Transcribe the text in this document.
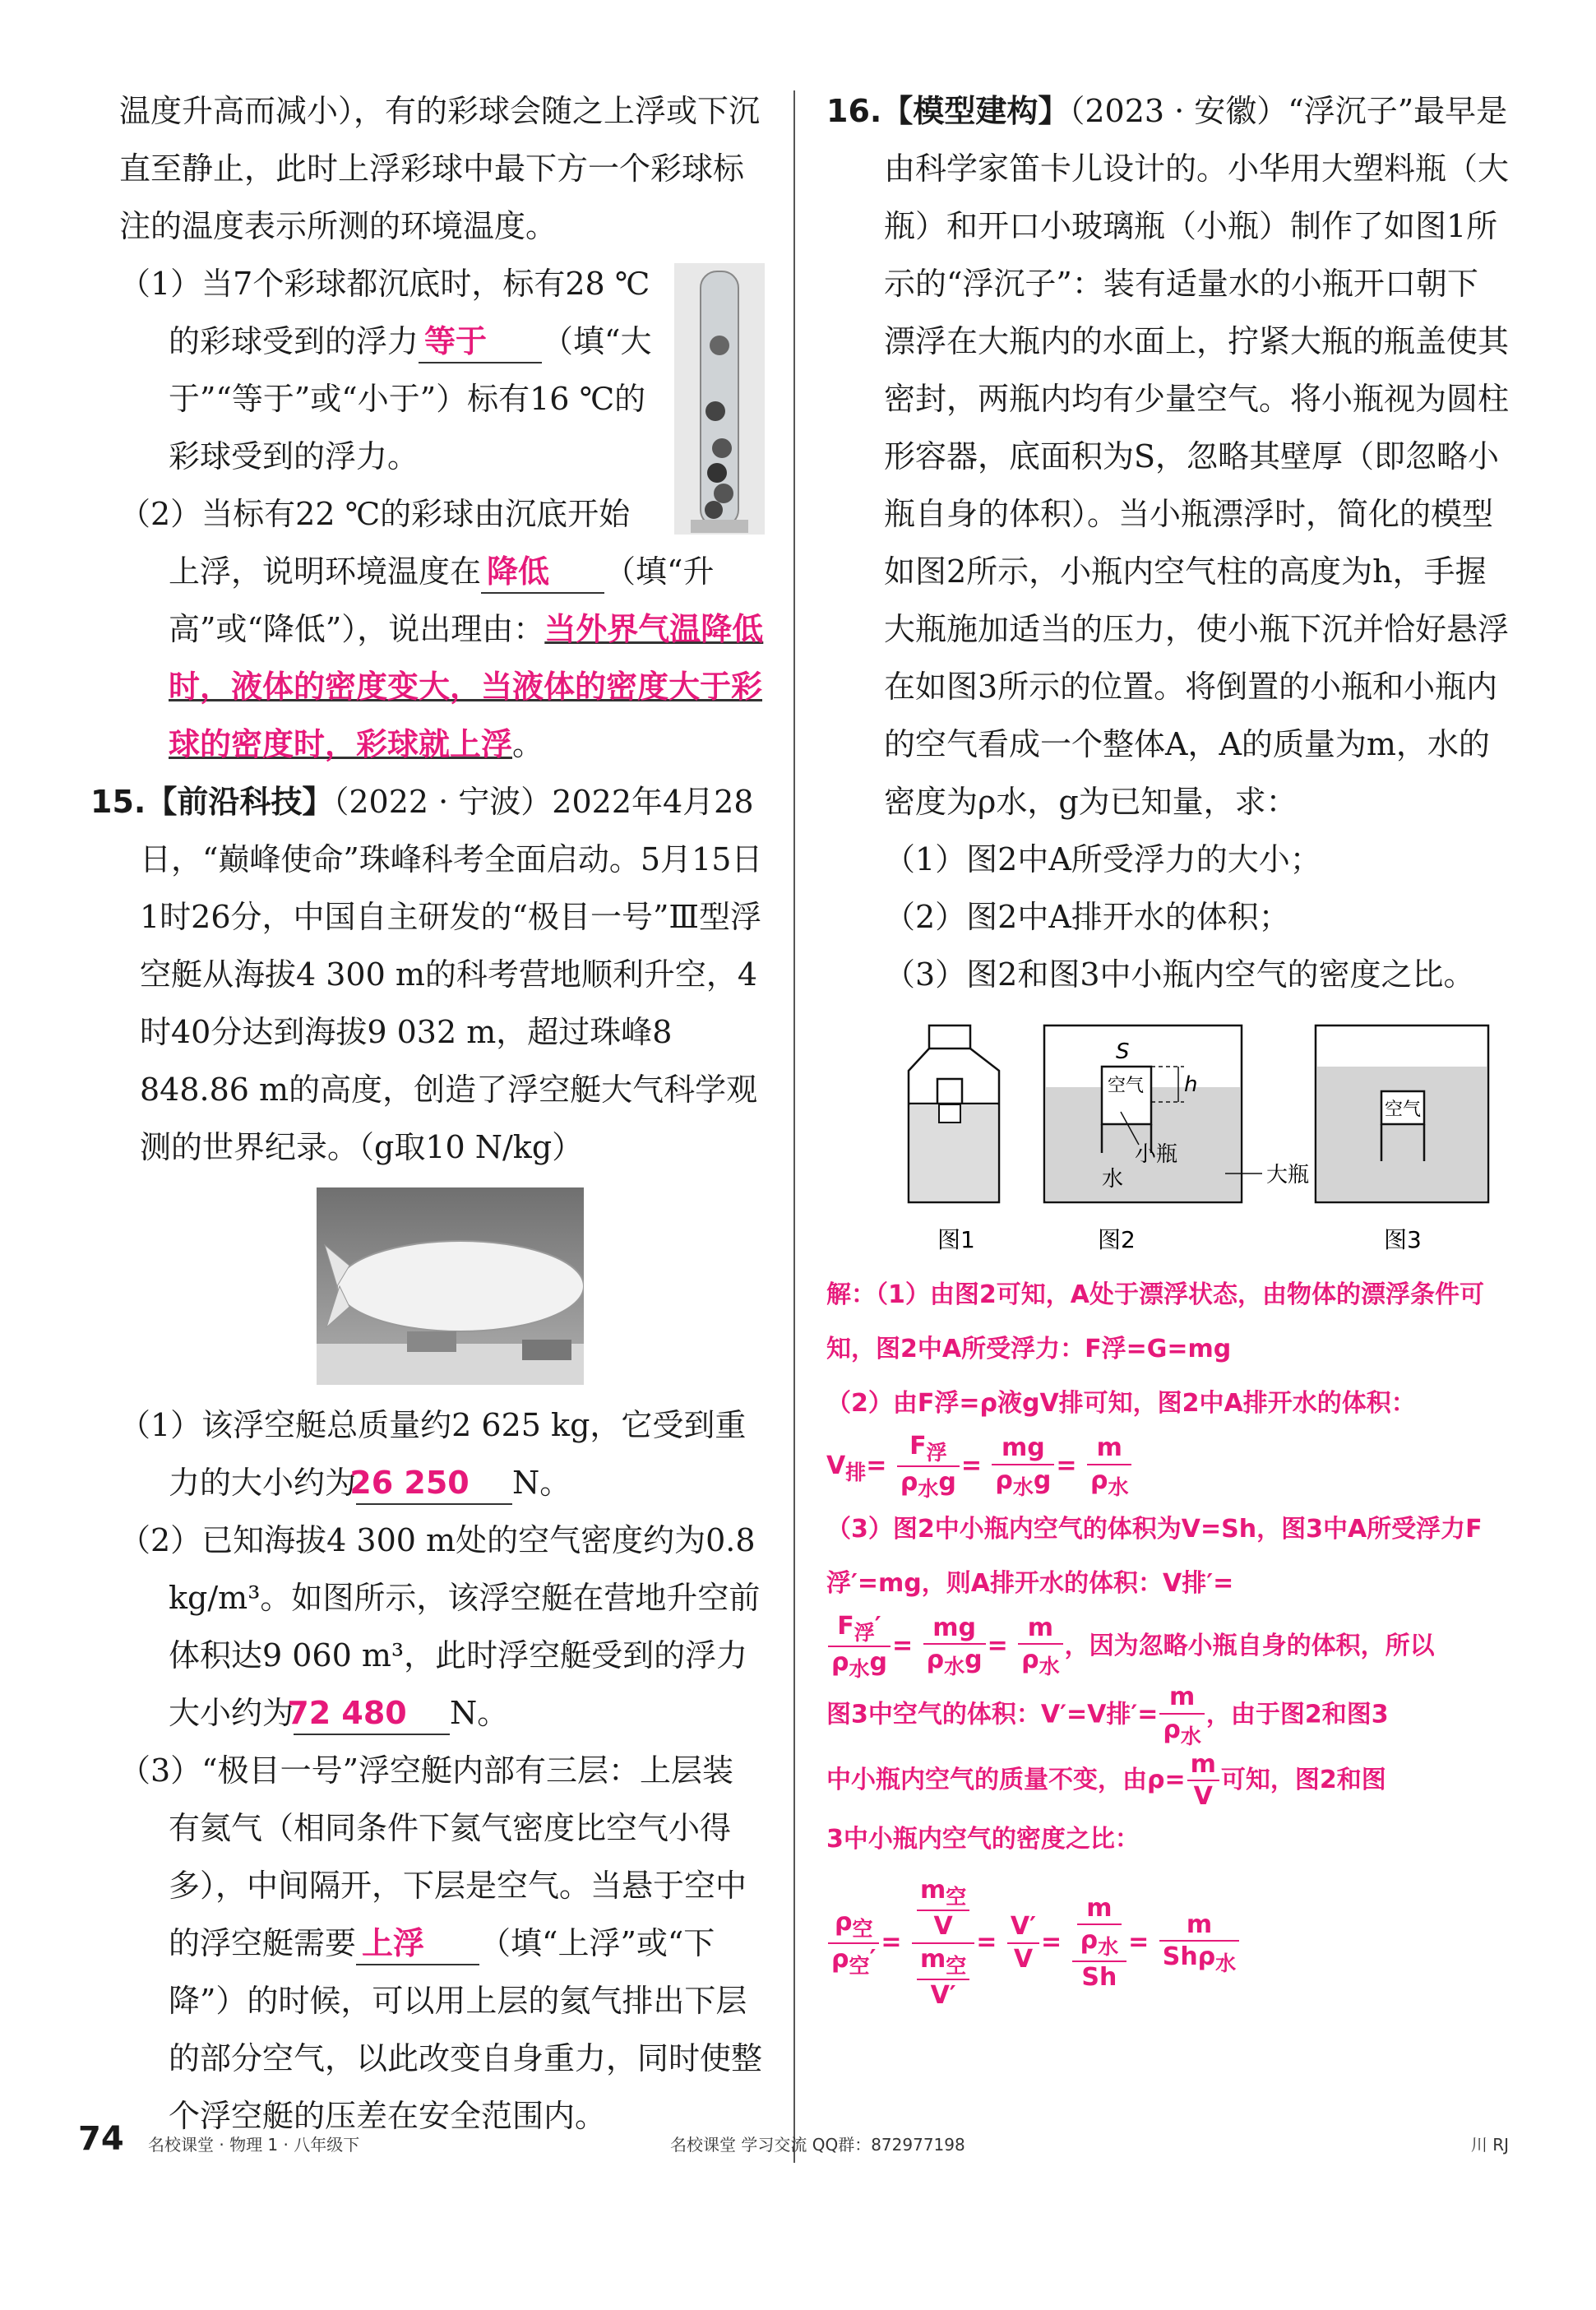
温度升高而减小），有的彩球会随之上浮或下沉直至静止，此时上浮彩球中最下方一个彩球标注的温度表示所测的环境温度。

（1）当7个彩球都沉底时，标有28 ℃的彩球受到的浮力 等于 （填“大于”“等于”或“小于”）标有16 ℃的彩球受到的浮力。

（2）当标有22 ℃的彩球由沉底开始上浮，说明环境温度在 降低 （填“升高”或“降低”），说出理由：当外界气温降低时，液体的密度变大，当液体的密度大于彩球的密度时，彩球就上浮。

15.【前沿科技】（2022 · 宁波）2022年4月28日，“巅峰使命”珠峰科考全面启动。5月15日1时26分，中国自主研发的“极目一号”Ⅲ型浮空艇从海拔4 300 m的科考营地顺利升空，4时40分达到海拔9 032 m，超过珠峰8 848.86 m的高度，创造了浮空艇大气科学观测的世界纪录。（g取10 N/kg）

（1）该浮空艇总质量约2 625 kg，它受到重力的大小约为26 250 N。

（2）已知海拔4 300 m处的空气密度约为0.8 kg/m³。如图所示，该浮空艇在营地升空前体积达9 060 m³，此时浮空艇受到的浮力大小约为72 480 N。

（3）“极目一号”浮空艇内部有三层：上层装有氦气（相同条件下氦气密度比空气小得多），中间隔开，下层是空气。当悬于空中的浮空艇需要 上浮 （填“上浮”或“下降”）的时候，可以用上层的氦气排出下层的部分空气，以此改变自身重力，同时使整个浮空艇的压差在安全范围内。

16.【模型建构】（2023 · 安徽）“浮沉子”最早是由科学家笛卡儿设计的。小华用大塑料瓶（大瓶）和开口小玻璃瓶（小瓶）制作了如图1所示的“浮沉子”：装有适量水的小瓶开口朝下漂浮在大瓶内的水面上，拧紧大瓶的瓶盖使其密封，两瓶内均有少量空气。将小瓶视为圆柱形容器，底面积为S，忽略其壁厚（即忽略小瓶自身的体积）。当小瓶漂浮时，简化的模型如图2所示，小瓶内空气柱的高度为h，手握大瓶施加适当的压力，使小瓶下沉并恰好悬浮在如图3所示的位置。将倒置的小瓶和小瓶内的空气看成一个整体A，A的质量为m，水的密度为ρ水，g为已知量，求：

（1）图2中A所受浮力的大小；

（2）图2中A排开水的体积；

（3）图2和图3中小瓶内空气的密度之比。

S
空气 h
小瓶
水	大瓶
空气
图1	图2	图3

解：（1）由图2可知，A处于漂浮状态，由物体的漂浮条件可知，图2中A所受浮力：F浮=G=mg

（2）由F浮=ρ液gV排可知，图2中A排开水的体积：

$V_排= \frac{F_浮}{\rho_水g} = \frac{mg}{\rho_水g} = \frac{m}{\rho_水}$

（3）图2中小瓶内空气的体积为V=Sh，图3中A所受浮力F浮′=mg，则A排开水的体积：V排′=

$\frac{F_浮'}{\rho_水g} = \frac{mg}{\rho_水g} = \frac{m}{\rho_水}$ ，因为忽略小瓶自身的体积，所以

图3中空气的体积：V′=V排′= $\frac{m}{\rho_水}$ ，由于图2和图3

中小瓶内空气的质量不变，由$\rho= \frac{m}{V}$ 可知，图2和图

3中小瓶内空气的密度之比：

$\frac{\rho_空}{\rho_空'} = \frac{\frac{m_空}{V}}{\frac{m_空}{V'}} = \frac{V'}{V} = \frac{\frac{m}{\rho_水}}{Sh} = \frac{m}{Sh\rho_水}$

74 名校课堂 · 物理 1 · 八年级下	名校课堂 学习交流 QQ群：872977198	川 RJ
